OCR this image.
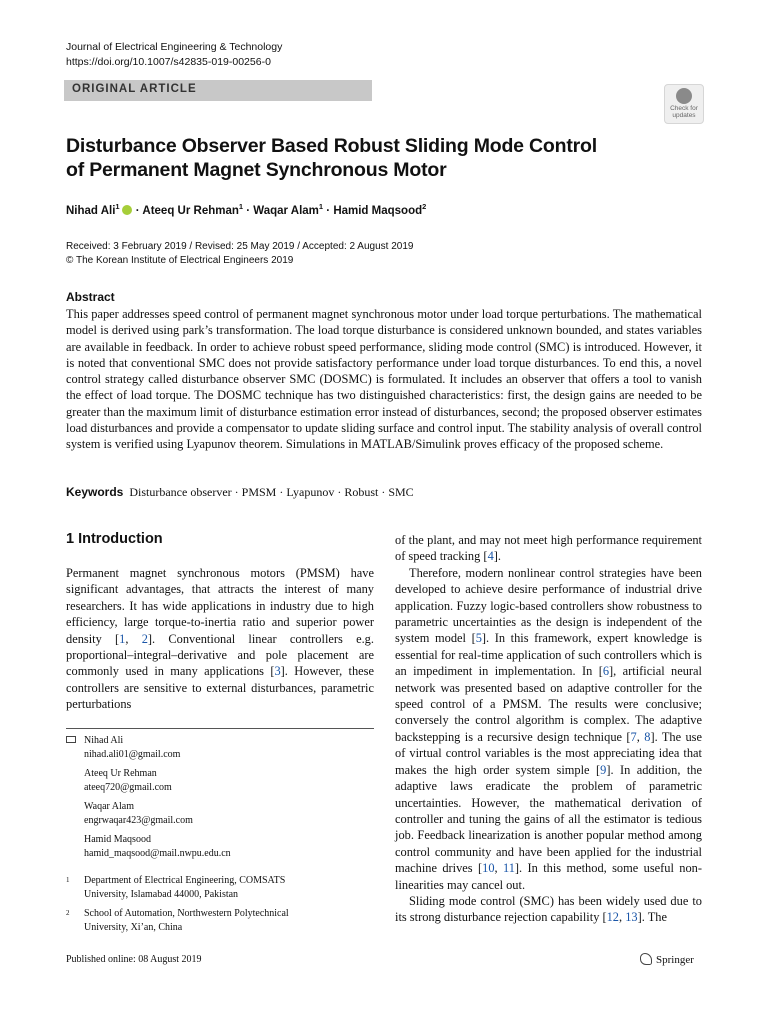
Journal of Electrical Engineering & Technology
https://doi.org/10.1007/s42835-019-00256-0
ORIGINAL ARTICLE
Check for
updates
Disturbance Observer Based Robust Sliding Mode Control
of Permanent Magnet Synchronous Motor
Nihad Ali$^1$ · Ateeq Ur Rehman$^1$ · Waqar Alam$^1$ · Hamid Maqsood$^2$
Received: 3 February 2019 / Revised: 25 May 2019 / Accepted: 2 August 2019
© The Korean Institute of Electrical Engineers 2019
Abstract
This paper addresses speed control of permanent magnet synchronous motor under load torque perturbations. The mathematical model is derived using park’s transformation. The load torque disturbance is considered unknown bounded, and states variables are available in feedback. In order to achieve robust speed performance, sliding mode control (SMC) is introduced. However, it is noted that conventional SMC does not provide satisfactory performance under load torque disturbances. To end this, a novel control strategy called disturbance observer SMC (DOSMC) is formulated. It includes an observer that offers a tool to vanish the effect of load torque. The DOSMC technique has two distinguished characteristics: first, the design gains are needed to be greater than the maximum limit of disturbance estimation error instead of disturbances, second; the proposed observer estimates load disturbances and provide a compensator to update sliding surface and control input. The stability analysis of overall control system is verified using Lyapunov theorem. Simulations in MATLAB/Simulink proves efficacy of the proposed scheme.
Keywords Disturbance observer · PMSM · Lyapunov · Robust · SMC
1 Introduction
Permanent magnet synchronous motors (PMSM) have significant advantages, that attracts the interest of many researchers. It has wide applications in industry due to high efficiency, large torque-to-inertia ratio and superior power density [1, 2]. Conventional linear controllers e.g. proportional–integral–derivative and pole placement are commonly used in many applications [3]. However, these controllers are sensitive to external disturbances, parametric perturbations

of the plant, and may not meet high performance requirement of speed tracking [4].

Therefore, modern nonlinear control strategies have been developed to achieve desire performance of industrial drive application. Fuzzy logic-based controllers show robustness to parametric uncertainties as the design is independent of the system model [5]. In this framework, expert knowledge is essential for real-time application of such controllers which is an impediment in implementation. In [6], artificial neural network was presented based on adaptive controller for the speed control of a PMSM. The results were conclusive; conversely the control algorithm is complex. The adaptive backstepping is a recursive design technique [7, 8]. The use of virtual control variables is the most appreciating idea that makes the high order system simple [9]. In addition, the adaptive laws eradicate the problem of parametric uncertainties. However, the mathematical derivation of controller and tuning the gains of all the estimator is tedious job. Feedback linearization is another popular method among control community and have been applied for the industrial machine drives [10, 11]. In this method, some useful non-linearities may cancel out.

Sliding mode control (SMC) has been widely used due to its strong disturbance rejection capability [12, 13]. The

Nihad Ali
nihad.ali01@gmail.com
Ateeq Ur Rehman
ateeq720@gmail.com
Waqar Alam
engrwaqar423@gmail.com
Hamid Maqsood
hamid_maqsood@mail.nwpu.edu.cn
1 Department of Electrical Engineering, COMSATS
University, Islamabad 44000, Pakistan
2 School of Automation, Northwestern Polytechnical
University, Xi’an, China
Published online: 08 August 2019	Springer
